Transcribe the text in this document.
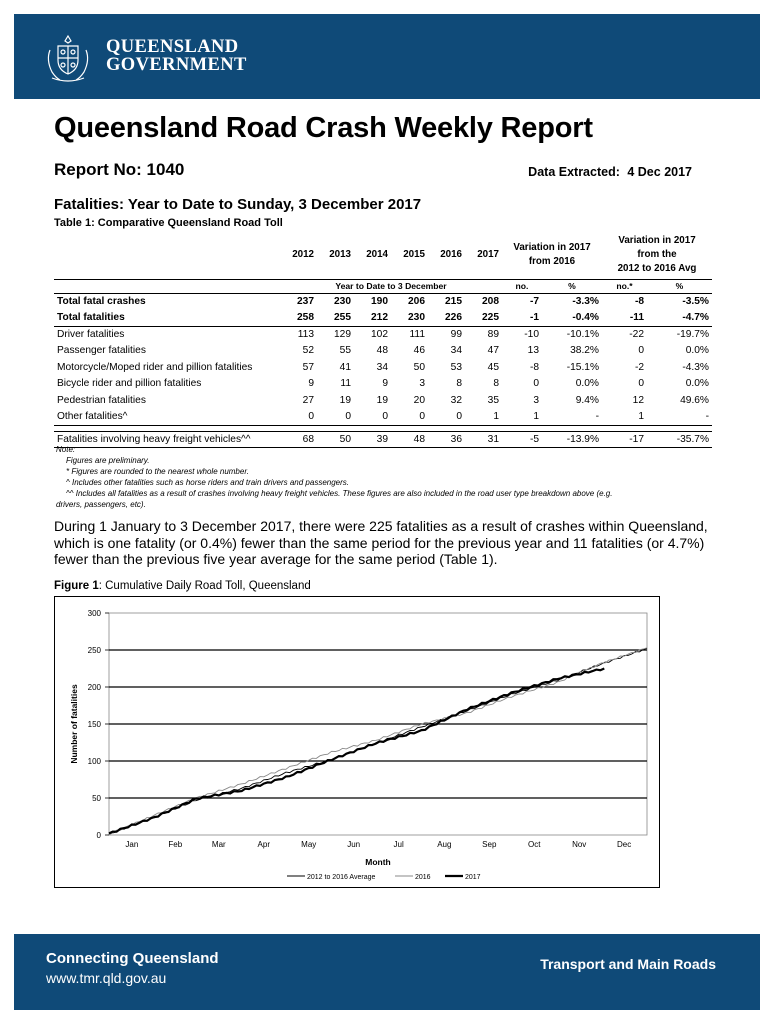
QUEENSLAND
GOVERNMENT
Queensland Road Crash Weekly Report
Report No: 1040	Data Extracted: 4 Dec 2017
Fatalities: Year to Date to Sunday, 3 December 2017
Table 1: Comparative Queensland Road Toll
	2012	2013	2014	2015	2016	2017	Variation in 2017 from 2016		Variation in 2017
from the
2012 to 2016 Avg	

	Year to Date to 3 December						no.	%	no.*	%
Total fatal crashes	237	230	190	206	215	208	-7	-3.3%	-8	-3.5%
Total fatalities	258	255	212	230	226	225	-1	-0.4%	-11	-4.7%
Driver fatalities	113	129	102	111	99	89	-10	-10.1%	-22	-19.7%
Passenger fatalities	52	55	48	46	34	47	13	38.2%	0	0.0%
Motorcycle/Moped rider and pillion fatalities	57	41	34	50	53	45	-8	-15.1%	-2	-4.3%
Bicycle rider and pillion fatalities	9	11	9	3	8	8	0	0.0%	0	0.0%
Pedestrian fatalities	27	19	19	20	32	35	3	9.4%	12	49.6%
Other fatalities^	0	0	0	0	0	1	1	-	1	-

Fatalities involving heavy freight vehicles^^	68	50	39	48	36	31	-5	-13.9%	-17	-35.7%

Note:

Figures are preliminary.

* Figures are rounded to the nearest whole number.

^ Includes other fatalities such as horse riders and train drivers and passengers.

^^ Includes all fatalities as a result of crashes involving heavy freight vehicles. These figures are also included in the road user type breakdown above (e.g.

drivers, passengers, etc).

During 1 January to 3 December 2017, there were 225 fatalities as a result of crashes within Queensland, which is one fatality (or 0.4%) fewer than the same period for the previous year and 11 fatalities (or 4.7%) fewer than the previous five year average for the same period (Table 1).
Figure 1: Cumulative Daily Road Toll, Queensland
0
50
100
150
200
250
300
Jan	Feb	Mar	Apr	May	Jun	Jul	Aug	Sep	Oct	Nov	Dec
Month
Number of fatalities
2012 to 2016 Average	2016	2017
Connecting Queensland
www.tmr.qld.gov.au
Transport and Main Roads
